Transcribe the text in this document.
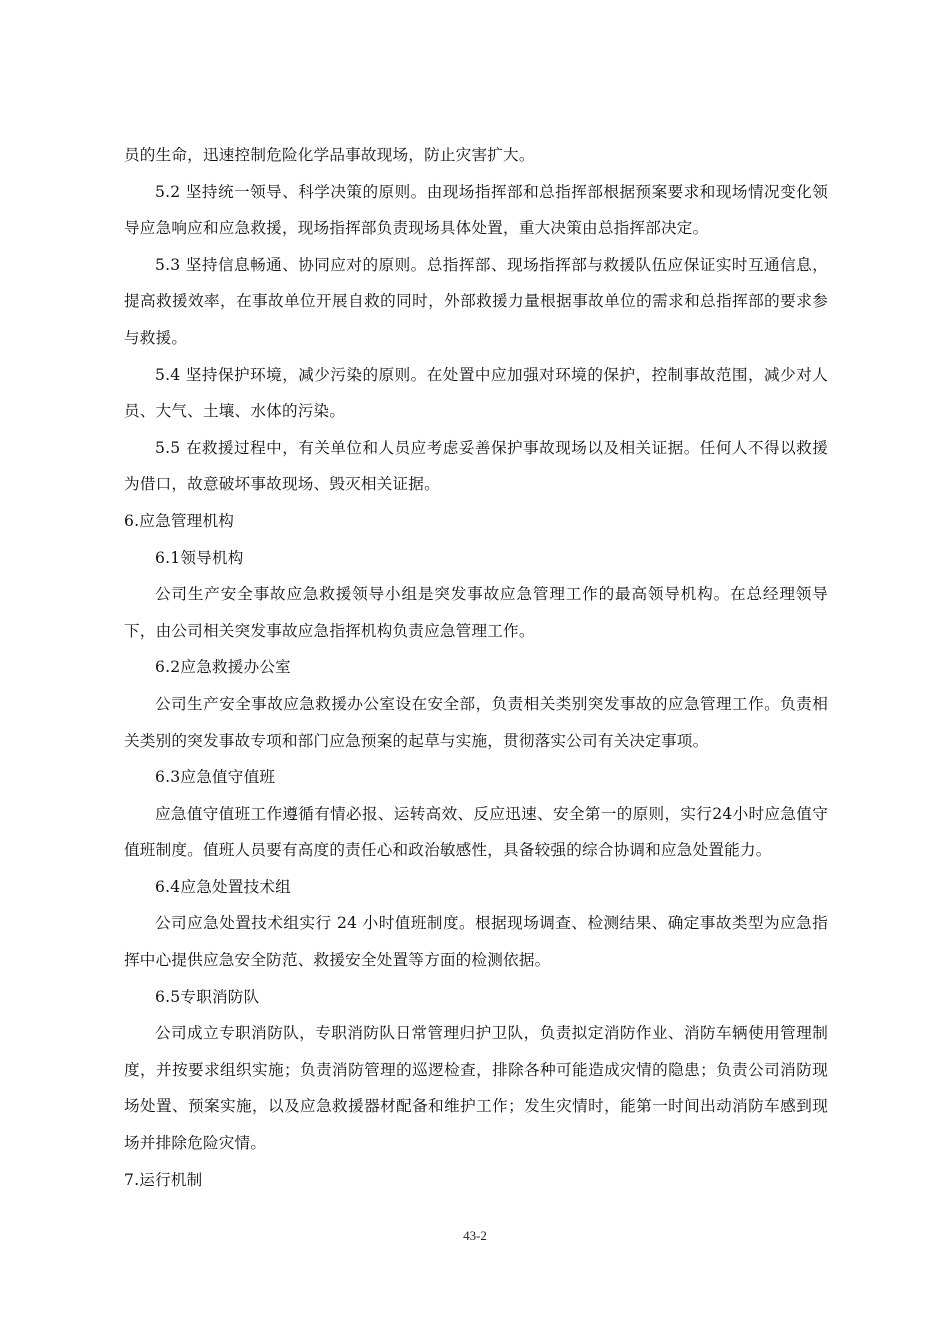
员的生命，迅速控制危险化学品事故现场，防止灾害扩大。

5.2 坚持统一领导、科学决策的原则。由现场指挥部和总指挥部根据预案要求和现场情况变化领导应急响应和应急救援，现场指挥部负责现场具体处置，重大决策由总指挥部决定。

5.3 坚持信息畅通、协同应对的原则。总指挥部、现场指挥部与救援队伍应保证实时互通信息，提高救援效率，在事故单位开展自救的同时，外部救援力量根据事故单位的需求和总指挥部的要求参与救援。

5.4 坚持保护环境，减少污染的原则。在处置中应加强对环境的保护，控制事故范围，减少对人员、大气、土壤、水体的污染。

5.5 在救援过程中，有关单位和人员应考虑妥善保护事故现场以及相关证据。任何人不得以救援为借口，故意破坏事故现场、毁灭相关证据。

6.应急管理机构

6.1领导机构

公司生产安全事故应急救援领导小组是突发事故应急管理工作的最高领导机构。在总经理领导下，由公司相关突发事故应急指挥机构负责应急管理工作。

6.2应急救援办公室

公司生产安全事故应急救援办公室设在安全部，负责相关类别突发事故的应急管理工作。负责相关类别的突发事故专项和部门应急预案的起草与实施，贯彻落实公司有关决定事项。

6.3应急值守值班

应急值守值班工作遵循有情必报、运转高效、反应迅速、安全第一的原则，实行24小时应急值守值班制度。值班人员要有高度的责任心和政治敏感性，具备较强的综合协调和应急处置能力。

6.4应急处置技术组

公司应急处置技术组实行 24 小时值班制度。根据现场调查、检测结果、确定事故类型为应急指挥中心提供应急安全防范、救援安全处置等方面的检测依据。

6.5专职消防队

公司成立专职消防队，专职消防队日常管理归护卫队，负责拟定消防作业、消防车辆使用管理制度，并按要求组织实施；负责消防管理的巡逻检查，排除各种可能造成灾情的隐患；负责公司消防现场处置、预案实施，以及应急救援器材配备和维护工作；发生灾情时，能第一时间出动消防车感到现场并排除危险灾情。

7.运行机制

43-2
